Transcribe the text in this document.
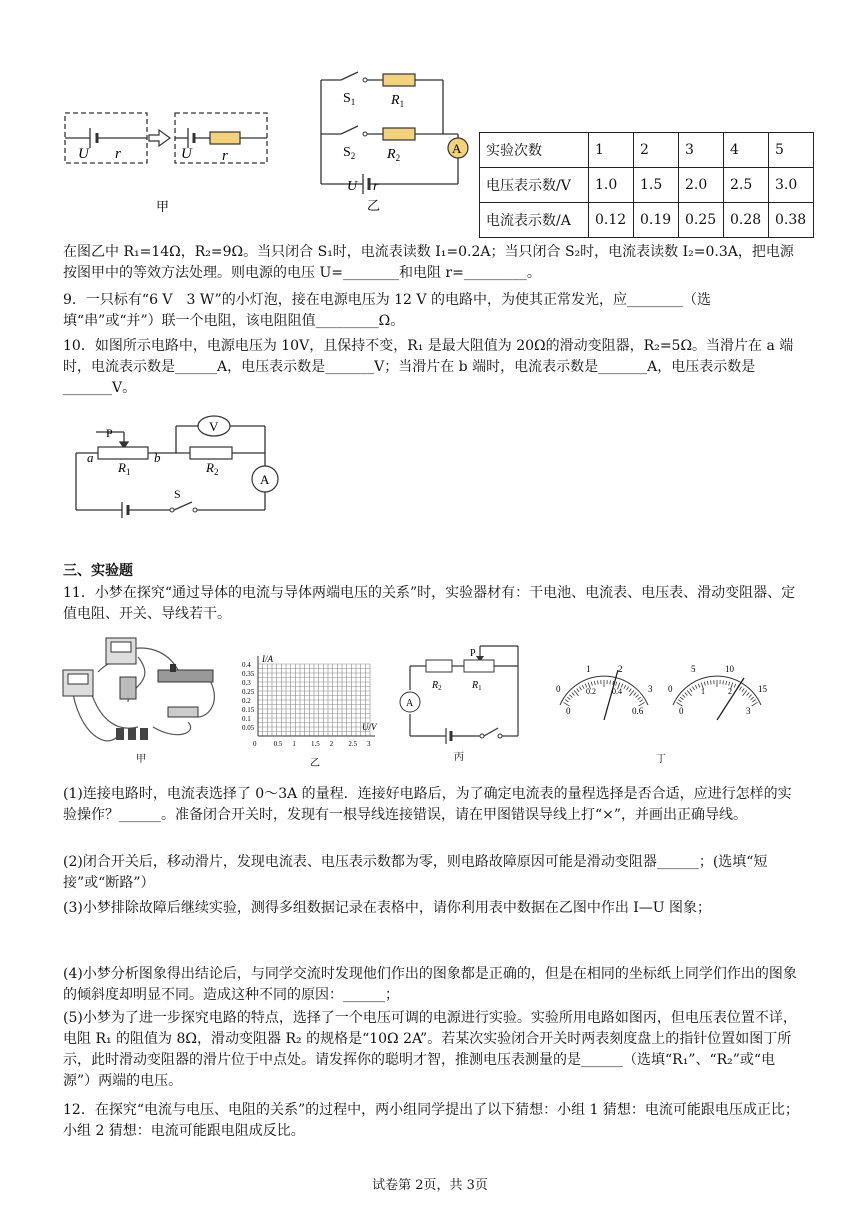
U r	U r
甲
A
$S_1$	$R_1$
$S_2$ $R_2$
U r
乙
实验次数	1	2	3	4	5
电压表示数/V	1.0	1.5	2.0	2.5	3.0
电流表示数/A	0.12	0.19	0.25	0.28	0.38
在图乙中 R₁=14Ω，R₂=9Ω。当只闭合 S₁时，电流表读数 I₁=0.2A；当只闭合 S₂时，电流表读数 I₂=0.3A，把电源按图甲中的等效方法处理。则电源的电压 U=________和电阻 r=_________。
9．一只标有“6 V　3 W”的小灯泡，接在电源电压为 12 V 的电路中，为使其正常发光，应________（选填“串”或“并”）联一个电阻，该电阻阻值_________Ω。
10．如图所示电路中，电源电压为 10V，且保持不变，R₁ 是最大阻值为 20Ω的滑动变阻器，R₂=5Ω。当滑片在 a 端时，电流表示数是______A，电压表示数是_______V；当滑片在 b 端时，电流表示数是_______A，电压表示数是_______V。
P
a	b
$R_1$	$R_2$
V
A
S
三、实验题
11．小梦在探究“通过导体的电流与导体两端电压的关系”时，实验器材有：干电池、电流表、电压表、滑动变阻器、定值电阻、开关、导线若干。
甲
I/A
U/V
0.4
0.35
0.3
0.25
0.2
0.15
0.1
0.05
0 0.5 1 1.5 2 2.5 3
乙
A
P
$R_2$	$R_1$
丙
1	2
0.2 0.4
0
0
3
0.6
5	10
1	2
0
0
15
3
丁
(1)连接电路时，电流表选择了 0～3A 的量程．连接好电路后，为了确定电流表的量程选择是否合适，应进行怎样的实验操作？______。准备闭合开关时，发现有一根导线连接错误，请在甲图错误导线上打“×”，并画出正确导线。
(2)闭合开关后，移动滑片，发现电流表、电压表示数都为零，则电路故障原因可能是滑动变阻器______；(选填“短接”或“断路”）
(3)小梦排除故障后继续实验，测得多组数据记录在表格中，请你利用表中数据在乙图中作出 I—U 图象；
(4)小梦分析图象得出结论后，与同学交流时发现他们作出的图象都是正确的，但是在相同的坐标纸上同学们作出的图象的倾斜度却明显不同。造成这种不同的原因：______；
(5)小梦为了进一步探究电路的特点，选择了一个电压可调的电源进行实验。实验所用电路如图丙，但电压表位置不详，电阻 R₁ 的阻值为 8Ω，滑动变阻器 R₂ 的规格是“10Ω 2A”。若某次实验闭合开关时两表刻度盘上的指针位置如图丁所示，此时滑动变阻器的滑片位于中点处。请发挥你的聪明才智，推测电压表测量的是______（选填“R₁”、“R₂”或“电源”）两端的电压。
12．在探究“电流与电压、电阻的关系”的过程中，两小组同学提出了以下猜想：小组 1 猜想：电流可能跟电压成正比；小组 2 猜想：电流可能跟电阻成反比。
试卷第 2页，共 3页
